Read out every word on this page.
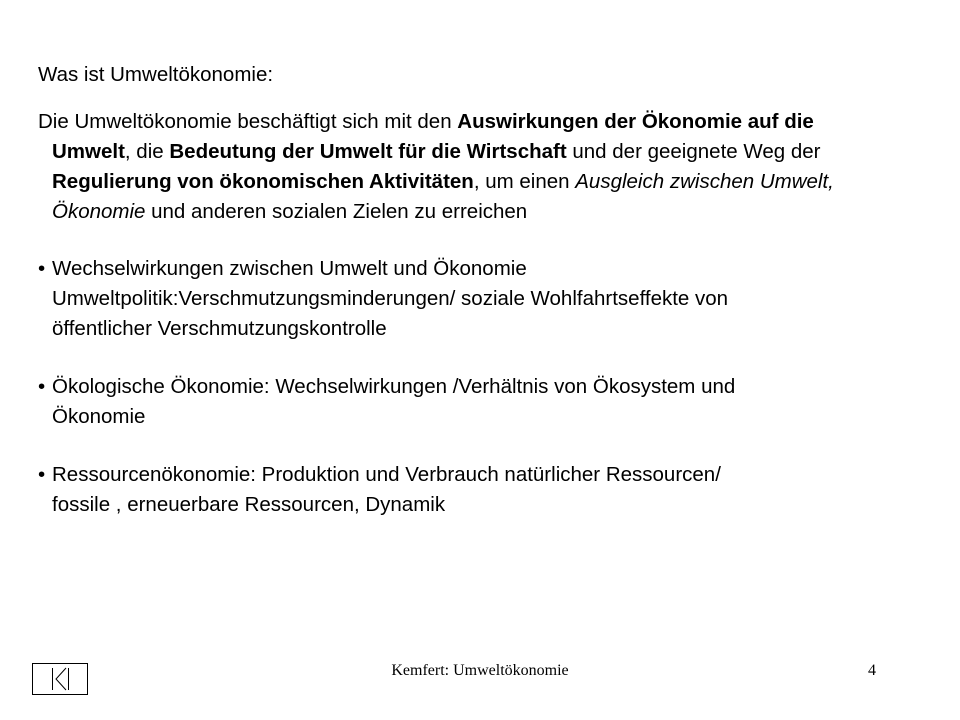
Was ist Umweltökonomie:

Die Umweltökonomie beschäftigt sich mit den Auswirkungen der Ökonomie auf die Umwelt, die Bedeutung der Umwelt für die Wirtschaft und der geeignete Weg der Regulierung von ökonomischen Aktivitäten, um einen Ausgleich zwischen Umwelt, Ökonomie und anderen sozialen Zielen zu erreichen

• Wechselwirkungen zwischen Umwelt und Ökonomie
Umweltpolitik:Verschmutzungsminderungen/ soziale Wohlfahrtseffekte von
öffentlicher Verschmutzungskontrolle
• Ökologische Ökonomie: Wechselwirkungen /Verhältnis von Ökosystem und
Ökonomie
• Ressourcenökonomie: Produktion und Verbrauch natürlicher Ressourcen/
fossile , erneuerbare Ressourcen, Dynamik
Kemfert: Umweltökonomie	4
